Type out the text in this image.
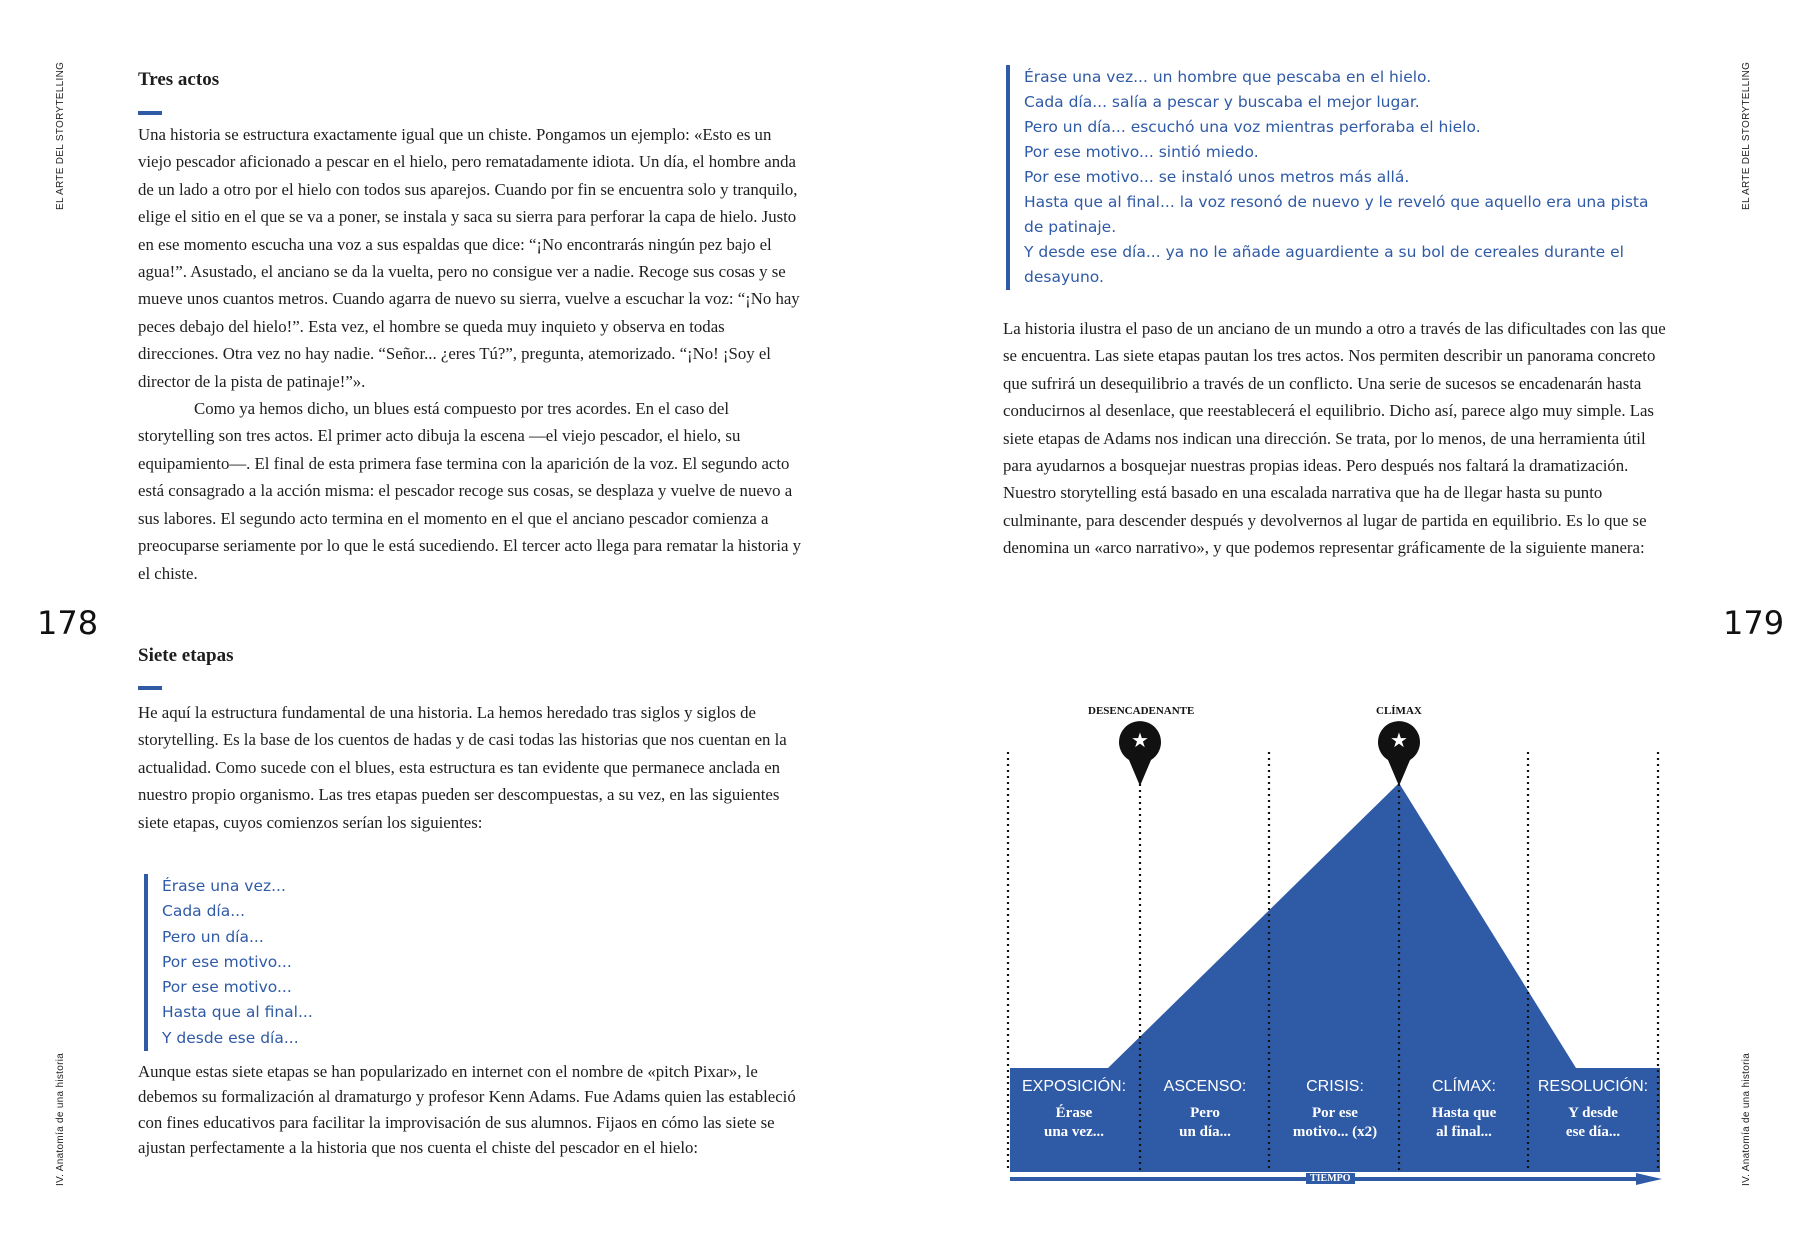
EL ARTE DEL STORYTELLING
IV. Anatomía de una historia
178
Tres actos

Una historia se estructura exactamente igual que un chiste. Pongamos un ejemplo: «Esto es un viejo pescador aficionado a pescar en el hielo, pero rematadamente idiota. Un día, el hombre anda de un lado a otro por el hielo con todos sus aparejos. Cuando por fin se encuentra solo y tranquilo, elige el sitio en el que se va a poner, se instala y saca su sierra para perforar la capa de hielo. Justo en ese momento escucha una voz a sus espaldas que dice: “¡No encontrarás ningún pez bajo el agua!”. Asustado, el anciano se da la vuelta, pero no consigue ver a nadie. Recoge sus cosas y se mueve unos cuantos metros. Cuando agarra de nuevo su sierra, vuelve a escuchar la voz: “¡No hay peces debajo del hielo!”. Esta vez, el hombre se queda muy inquieto y observa en todas direcciones. Otra vez no hay nadie. “Señor... ¿eres Tú?”, pregunta, atemorizado. “¡No! ¡Soy el director de la pista de patinaje!”».

Como ya hemos dicho, un blues está compuesto por tres acordes. En el caso del storytelling son tres actos. El primer acto dibuja la escena —el viejo pescador, el hielo, su equipamiento—. El final de esta primera fase termina con la aparición de la voz. El segundo acto está consagrado a la acción misma: el pescador recoge sus cosas, se desplaza y vuelve de nuevo a sus labores. El segundo acto termina en el momento en el que el anciano pescador comienza a preocuparse seriamente por lo que le está sucediendo. El tercer acto llega para rematar la historia y el chiste.

Siete etapas

He aquí la estructura fundamental de una historia. La hemos heredado tras siglos y siglos de storytelling. Es la base de los cuentos de hadas y de casi todas las historias que nos cuentan en la actualidad. Como sucede con el blues, esta estructura es tan evidente que permanece anclada en nuestro propio organismo. Las tres etapas pueden ser descompuestas, a su vez, en las siguientes siete etapas, cuyos comienzos serían los siguientes:

Érase una vez...
Cada día...
Pero un día...
Por ese motivo...
Por ese motivo...
Hasta que al final...
Y desde ese día...

Aunque estas siete etapas se han popularizado en internet con el nombre de «pitch Pixar», le debemos su formalización al dramaturgo y profesor Kenn Adams. Fue Adams quien las estableció con fines educativos para facilitar la improvisación de sus alumnos. Fijaos en cómo las siete se ajustan perfectamente a la historia que nos cuenta el chiste del pescador en el hielo:

EL ARTE DEL STORYTELLING
IV. Anatomía de una historia
179
Érase una vez... un hombre que pescaba en el hielo.
Cada día... salía a pescar y buscaba el mejor lugar.
Pero un día... escuchó una voz mientras perforaba el hielo.
Por ese motivo... sintió miedo.
Por ese motivo... se instaló unos metros más allá.
Hasta que al final... la voz resonó de nuevo y le reveló que aquello era una pista
de patinaje.
Y desde ese día... ya no le añade aguardiente a su bol de cereales durante el
desayuno.

La historia ilustra el paso de un anciano de un mundo a otro a través de las dificultades con las que se encuentra. Las siete etapas pautan los tres actos. Nos permiten describir un panorama concreto que sufrirá un desequilibrio a través de un conflicto. Una serie de sucesos se encadenarán hasta conducirnos al desenlace, que reestablecerá el equilibrio. Dicho así, parece algo muy simple. Las siete etapas de Adams nos indican una dirección. Se trata, por lo menos, de una herramienta útil para ayudarnos a bosquejar nuestras propias ideas. Pero después nos faltará la dramatización. Nuestro storytelling está basado en una escalada narrativa que ha de llegar hasta su punto culminante, para descender después y devolvernos al lugar de partida en equilibrio. Es lo que se denomina un «arco narrativo», y que podemos representar gráficamente de la siguiente manera:

★	★
DESENCADENANTE	CLÍMAX
EXPOSICIÓN:
Érase
una vez...
ASCENSO:
Pero
un día...
CRISIS:
Por ese
motivo... (x2)
CLÍMAX:
Hasta que
al final...
RESOLUCIÓN:
Y desde
ese día...
TIEMPO
